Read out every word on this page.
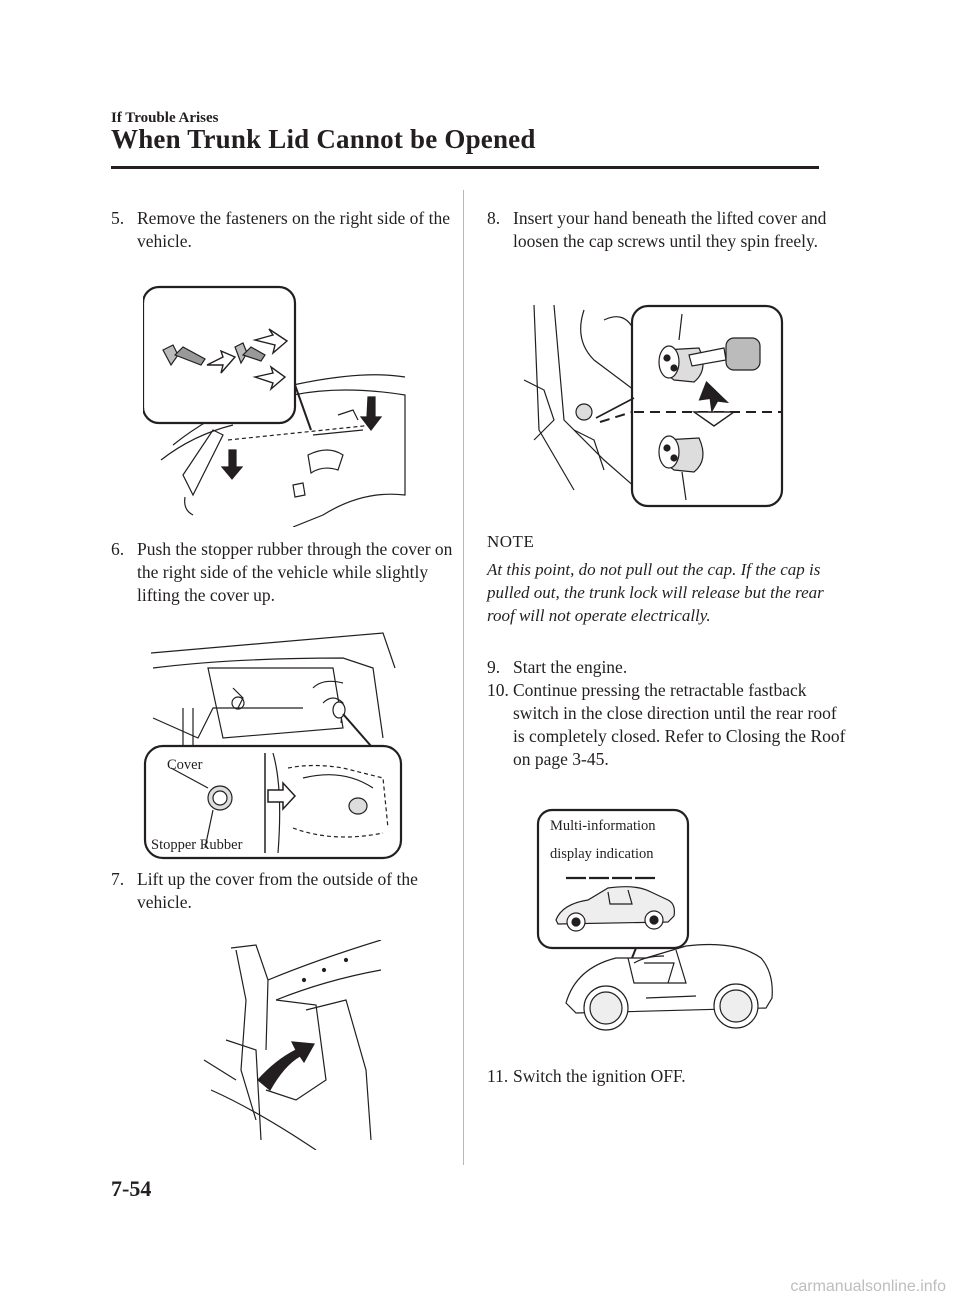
If Trouble Arises
When Trunk Lid Cannot be Opened
5. Remove the fasteners on the right side of the vehicle.
6. Push the stopper rubber through the cover on the right side of the vehicle while slightly lifting the cover up.
Cover
Stopper Rubber
7. Lift up the cover from the outside of the vehicle.
8. Insert your hand beneath the lifted cover and loosen the cap screws until they spin freely.
NOTE
At this point, do not pull out the cap. If the cap is pulled out, the trunk lock will release but the rear roof will not operate electrically.
9. Start the engine.
10. Continue pressing the retractable fastback switch in the close direction until the rear roof is completely closed. Refer to Closing the Roof on page 3-45.
Multi-information
display indication
11. Switch the ignition OFF.
7-54
carmanualsonline.info
